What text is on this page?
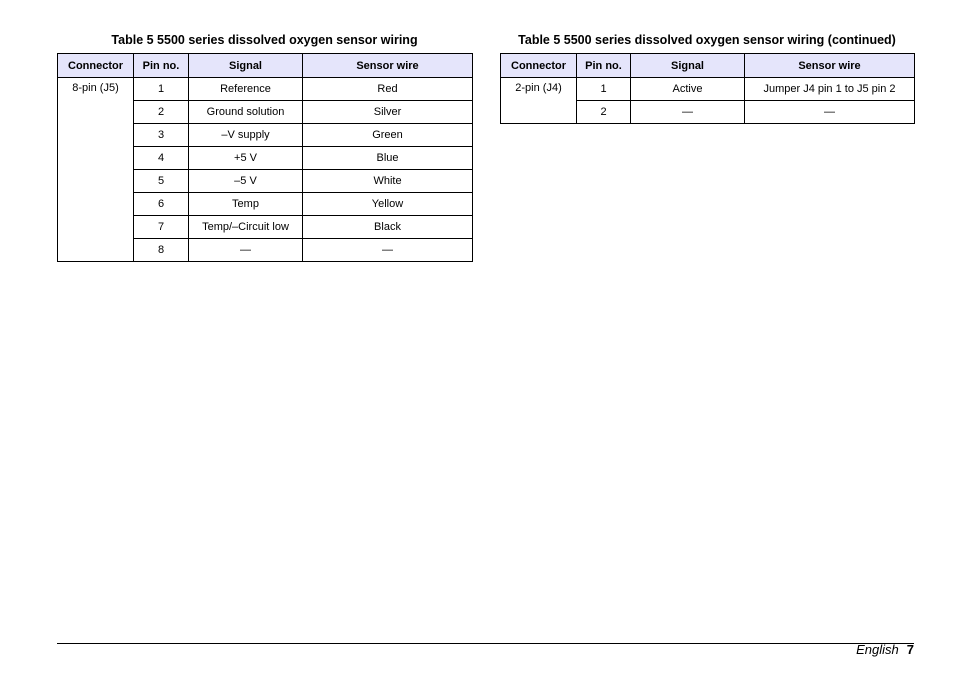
Table 5 5500 series dissolved oxygen sensor wiring
Connector	Pin no.	Signal	Sensor wire
8-pin (J5)	1	Reference	Red
	2	Ground solution	Silver
	3	–V supply	Green
	4	+5 V	Blue
	5	–5 V	White
	6	Temp	Yellow
	7	Temp/–Circuit low	Black
	8	—	—
Table 5 5500 series dissolved oxygen sensor wiring (continued)
Connector	Pin no.	Signal	Sensor wire
2-pin (J4)	1	Active	Jumper J4 pin 1 to J5 pin 2
	2	—	—
English 7
